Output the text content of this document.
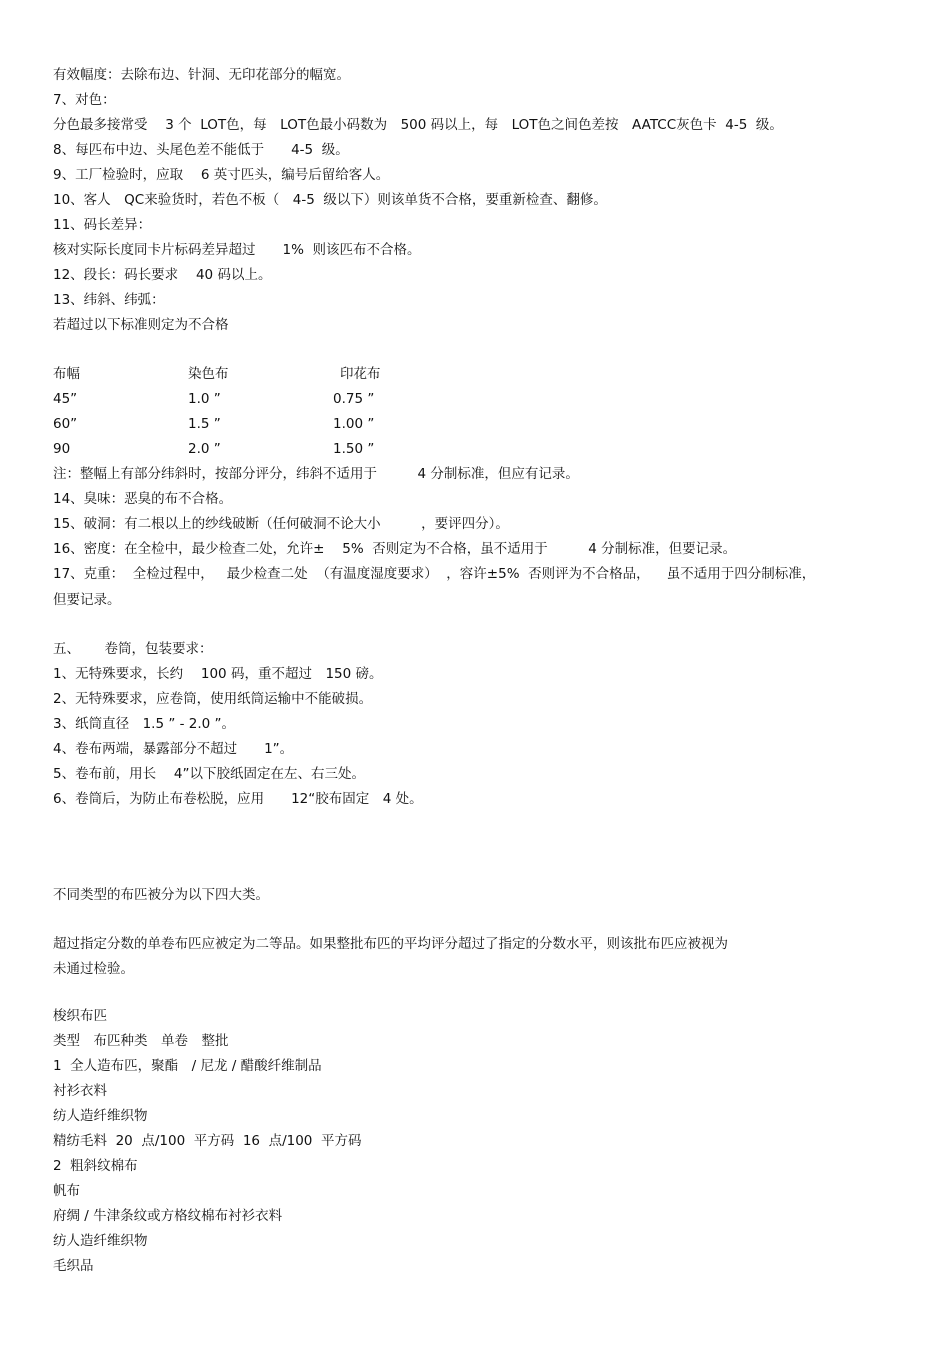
有效幅度：去除布边、针洞、无印花部分的幅宽。
7、对色：
分色最多接常受　 3 个  LOT色，每　LOT色最小码数为　500 码以上，每　LOT色之间色差按　AATCC灰色卡  4-5  级。
8、每匹布中边、头尾色差不能低于　　4-5  级。
9、工厂检验时，应取　 6 英寸匹头，编号后留给客人。
10、客人　QC来验货时，若色不板（　4-5  级以下）则该单货不合格，要重新检查、翻修。
11、码长差异：
核对实际长度同卡片标码差异超过　　1%  则该匹布不合格。
12、段长：码长要求　 40 码以上。
13、纬斜、纬弧：
若超过以下标准则定为不合格
布幅	染色布	印花布
45”	1.0 ”	0.75 ”
60”	1.5 ”	1.00 ”
90	2.0 ”	1.50 ”
注：整幅上有部分纬斜时，按部分评分，纬斜不适用于　　　4 分制标准，但应有记录。
14、臭味：恶臭的布不合格。
15、破洞：有二根以上的纱线破断（任何破洞不论大小　　　，要评四分）。
16、密度：在全检中，最少检查二处，允许±　 5%  否则定为不合格，虽不适用于　　　4 分制标准，但要记录。
17、克重：  全检过程中，   最少检查二处  （有温度湿度要求）  ，容许±5%  否则评为不合格品，    虽不适用于四分制标准，
但要记录。
五、　　 卷筒，包装要求：
1、无特殊要求，长约　 100 码，重不超过　150 磅。
2、无特殊要求，应卷筒，使用纸筒运输中不能破损。
3、纸筒直径　1.5 ” - 2.0 ”。
4、卷布两端，暴露部分不超过　　1”。
5、卷布前，用长　 4”以下胶纸固定在左、右三处。
6、卷筒后，为防止布卷松脱，应用　　12“胶布固定　4 处。
不同类型的布匹被分为以下四大类。
超过指定分数的单卷布匹应被定为二等品。如果整批布匹的平均评分超过了指定的分数水平，则该批布匹应被视为
未通过检验。
梭织布匹
类型　布匹种类　单卷　整批
1  全人造布匹，聚酯　/ 尼龙 / 醋酸纤维制品
衬衫衣料
纺人造纤维织物
精纺毛料  20  点/100  平方码  16  点/100  平方码
2  粗斜纹棉布
帆布
府绸 / 牛津条纹或方格纹棉布衬衫衣料
纺人造纤维织物
毛织品
